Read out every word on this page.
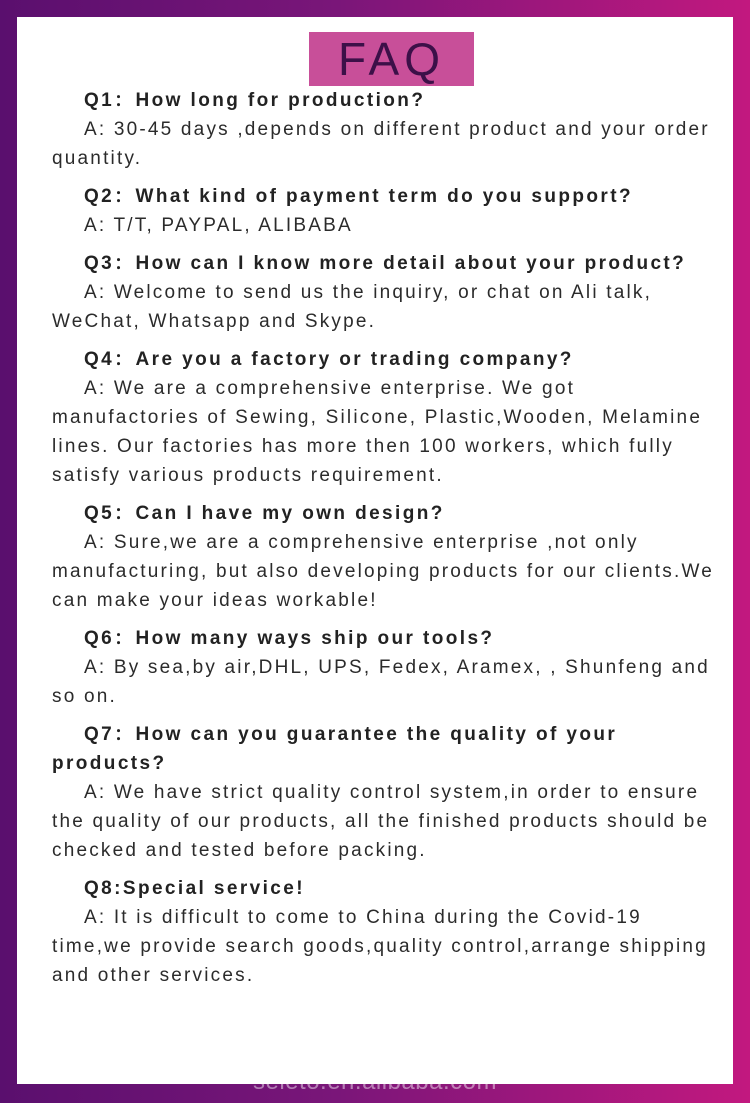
FAQ
Q1：How long for production?
A: 30-45 days ,depends on different product and your order quantity.
Q2：What kind of payment term do you support?
A: T/T, PAYPAL, ALIBABA
Q3：How can I know more detail about your product?
A: Welcome to send us the inquiry, or chat on Ali talk, WeChat, Whatsapp and Skype.
Q4：Are you a factory or trading company?
A: We are a comprehensive enterprise. We got manufactories of Sewing, Silicone, Plastic,Wooden, Melamine lines. Our factories has more then 100 workers, which fully satisfy various products requirement.
Q5：Can I have my own design?
A: Sure,we are a comprehensive enterprise ,not only manufacturing, but also developing products for our clients.We can make your ideas workable!
Q6：How many ways ship our tools?
A: By sea,by air,DHL, UPS, Fedex, Aramex, , Shunfeng and so on.
Q7：How can you guarantee the quality of your products?
A: We have strict quality control system,in order to ensure the quality of our products, all the finished products should be checked and tested before packing.
Q8:Special service!
A: It is difficult to come to China during the Covid-19 time,we provide search goods,quality control,arrange shipping and other services.
seleto.en.alibaba.com
